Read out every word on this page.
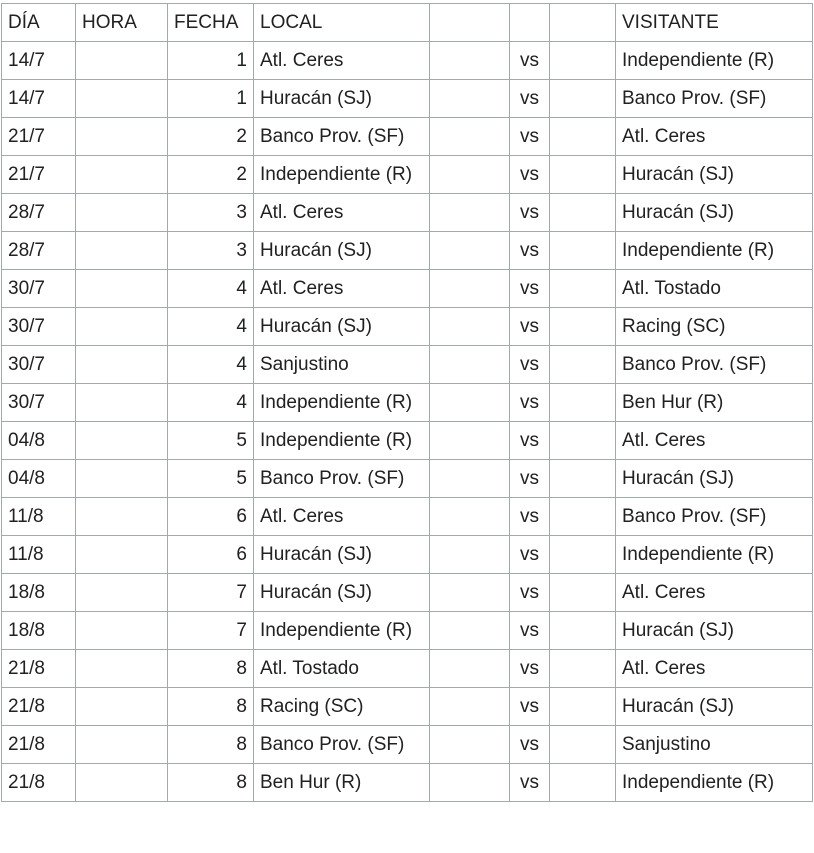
DÍA	HORA	FECHA	LOCAL				VISITANTE
14/7		1	Atl. Ceres		vs		Independiente (R)
14/7		1	Huracán (SJ)		vs		Banco Prov. (SF)
21/7		2	Banco Prov. (SF)		vs		Atl. Ceres
21/7		2	Independiente (R)		vs		Huracán (SJ)
28/7		3	Atl. Ceres		vs		Huracán (SJ)
28/7		3	Huracán (SJ)		vs		Independiente (R)
30/7		4	Atl. Ceres		vs		Atl. Tostado
30/7		4	Huracán (SJ)		vs		Racing (SC)
30/7		4	Sanjustino		vs		Banco Prov. (SF)
30/7		4	Independiente (R)		vs		Ben Hur (R)
04/8		5	Independiente (R)		vs		Atl. Ceres
04/8		5	Banco Prov. (SF)		vs		Huracán (SJ)
11/8		6	Atl. Ceres		vs		Banco Prov. (SF)
11/8		6	Huracán (SJ)		vs		Independiente (R)
18/8		7	Huracán (SJ)		vs		Atl. Ceres
18/8		7	Independiente (R)		vs		Huracán (SJ)
21/8		8	Atl. Tostado		vs		Atl. Ceres
21/8		8	Racing (SC)		vs		Huracán (SJ)
21/8		8	Banco Prov. (SF)		vs		Sanjustino
21/8		8	Ben Hur (R)		vs		Independiente (R)
